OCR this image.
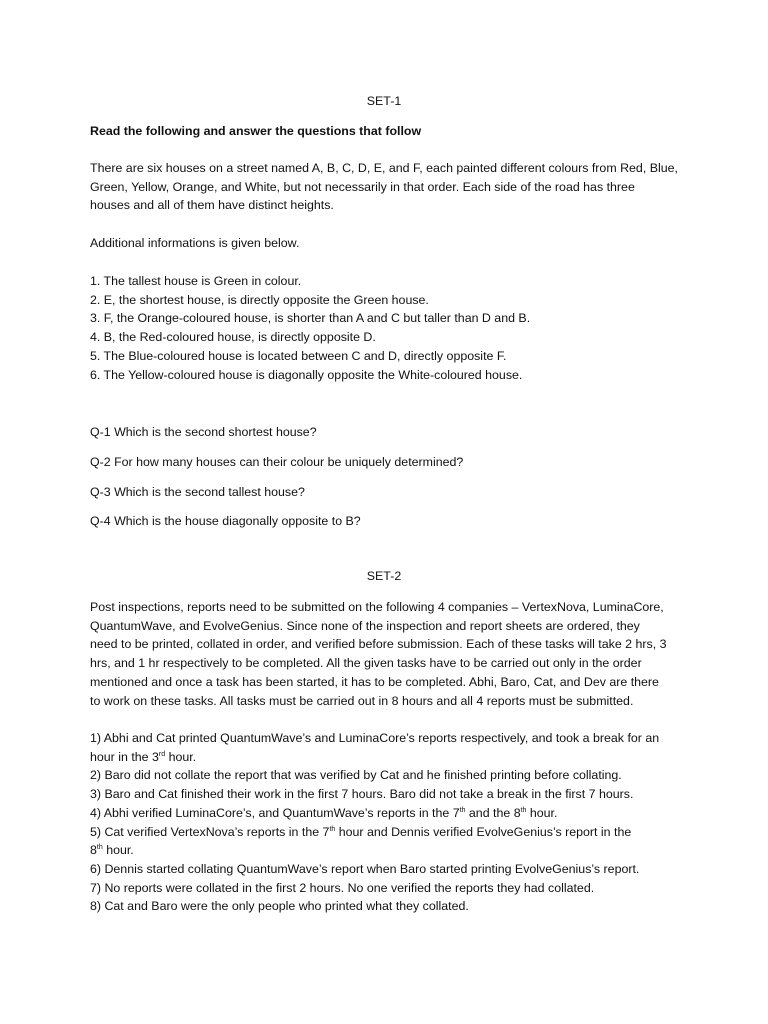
SET-1
Read the following and answer the questions that follow
There are six houses on a street named A, B, C, D, E, and F, each painted different colours from Red, Blue,
Green, Yellow, Orange, and White, but not necessarily in that order. Each side of the road has three
houses and all of them have distinct heights.
Additional informations is given below.
1. The tallest house is Green in colour.
2. E, the shortest house, is directly opposite the Green house.
3. F, the Orange-coloured house, is shorter than A and C but taller than D and B.
4. B, the Red-coloured house, is directly opposite D.
5. The Blue-coloured house is located between C and D, directly opposite F.
6. The Yellow-coloured house is diagonally opposite the White-coloured house.
Q-1 Which is the second shortest house?
Q-2 For how many houses can their colour be uniquely determined?
Q-3 Which is the second tallest house?
Q-4 Which is the house diagonally opposite to B?
SET-2
Post inspections, reports need to be submitted on the following 4 companies – VertexNova, LuminaCore,
QuantumWave, and EvolveGenius. Since none of the inspection and report sheets are ordered, they
need to be printed, collated in order, and verified before submission. Each of these tasks will take 2 hrs, 3
hrs, and 1 hr respectively to be completed. All the given tasks have to be carried out only in the order
mentioned and once a task has been started, it has to be completed. Abhi, Baro, Cat, and Dev are there
to work on these tasks. All tasks must be carried out in 8 hours and all 4 reports must be submitted.
1) Abhi and Cat printed QuantumWave’s and LuminaCore’s reports respectively, and took a break for an
hour in the 3rd hour.
2) Baro did not collate the report that was verified by Cat and he finished printing before collating.
3) Baro and Cat finished their work in the first 7 hours. Baro did not take a break in the first 7 hours.
4) Abhi verified LuminaCore’s, and QuantumWave’s reports in the 7th and the 8th hour.
5) Cat verified VertexNova’s reports in the 7th hour and Dennis verified EvolveGenius’s report in the
8th hour.
6) Dennis started collating QuantumWave’s report when Baro started printing EvolveGenius’s report.
7) No reports were collated in the first 2 hours. No one verified the reports they had collated.
8) Cat and Baro were the only people who printed what they collated.
